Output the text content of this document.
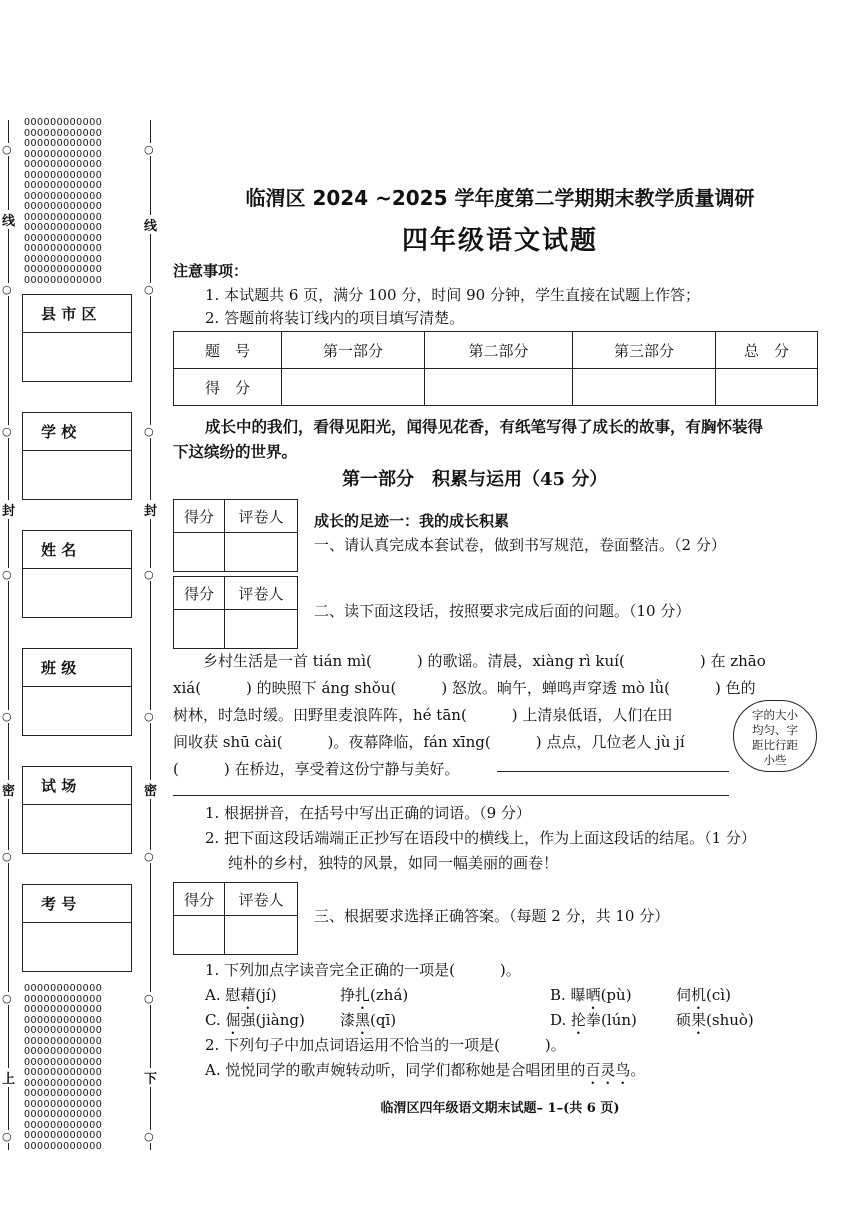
OOOOOOOOOOOO
OOOOOOOOOOOO
OOOOOOOOOOOO
OOOOOOOOOOOO
OOOOOOOOOOOO
OOOOOOOOOOOO
OOOOOOOOOOOO
OOOOOOOOOOOO
OOOOOOOOOOOO
OOOOOOOOOOOO
OOOOOOOOOOOO
OOOOOOOOOOOO
OOOOOOOOOOOO
OOOOOOOOOOOO
OOOOOOOOOOOO
OOOOOOOOOOOO
OOOOOOOOOOOO
OOOOOOOOOOOO
OOOOOOOOOOOO
OOOOOOOOOOOO
OOOOOOOOOOOO
OOOOOOOOOOOO
OOOOOOOOOOOO
OOOOOOOOOOOO
OOOOOOOOOOOO
OOOOOOOOOOOO
OOOOOOOOOOOO
OOOOOOOOOOOO
OOOOOOOOOOOO
OOOOOOOOOOOO
OOOOOOOOOOOO
OOOOOOOOOOOO
线
封
密
上
线
封
密
下
○	○
○	○
○	○
○	○
○	○
○	○
○	○
○	○
县 市 区
学 校
姓 名
班 级
试 场
考 号
临渭区 2024 ~2025 学年度第二学期期末教学质量调研
四年级语文试题
注意事项：
1. 本试题共 6 页，满分 100 分，时间 90 分钟，学生直接在试题上作答；
2. 答题前将装订线内的项目填写清楚。
题　号	第一部分	第二部分	第三部分	总　分
得　分				
成长中的我们，看得见阳光，闻得见花香，有纸笔写得了成长的故事，有胸怀装得
下这缤纷的世界。
第一部分　积累与运用（45 分）
得分	评卷人	成长的足迹一：我的成长积累
一、请认真完成本套试卷，做到书写规范，卷面整洁。（2 分）
得分	评卷人
二、读下面这段话，按照要求完成后面的问题。（10 分）
　　乡村生活是一首 tián mì(　　　) 的歌谣。清晨，xiàng rì kuí(　　　　　) 在 zhāo
xiá(　　　) 的映照下 áng shǒu(　　　) 怒放。晌午，蝉鸣声穿透 mò lǜ(　　　) 色的
树林，时急时缓。田野里麦浪阵阵，hé tān(　　　) 上清泉低语，人们在田
间收获 shū cài(　　　)。夜幕降临，fán xīng(　　　) 点点，几位老人 jù jí
(　　　) 在桥边，享受着这份宁静与美好。
字的大小
均匀、字
距比行距
小些
1. 根据拼音，在括号中写出正确的词语。（9 分）
2. 把下面这段话端端正正抄写在语段中的横线上，作为上面这段话的结尾。（1 分）
纯朴的乡村，独特的风景，如同一幅美丽的画卷！
得分	评卷人
三、根据要求选择正确答案。（每题 2 分，共 10 分）
1. 下列加点字读音完全正确的一项是(　　　)。
A. 慰藉(jí)	挣扎(zhá)	B. 曝晒(pù)	伺机(cì)
C. 倔强(jiàng) 漆黑(qī)	D. 抡拳(lún)	硕果(shuò)
2. 下列句子中加点词语运用不恰当的一项是(　　　)。
A. 悦悦同学的歌声婉转动听，同学们都称她是合唱团里的百灵鸟。
临渭区四年级语文期末试题– 1–(共 6 页)
